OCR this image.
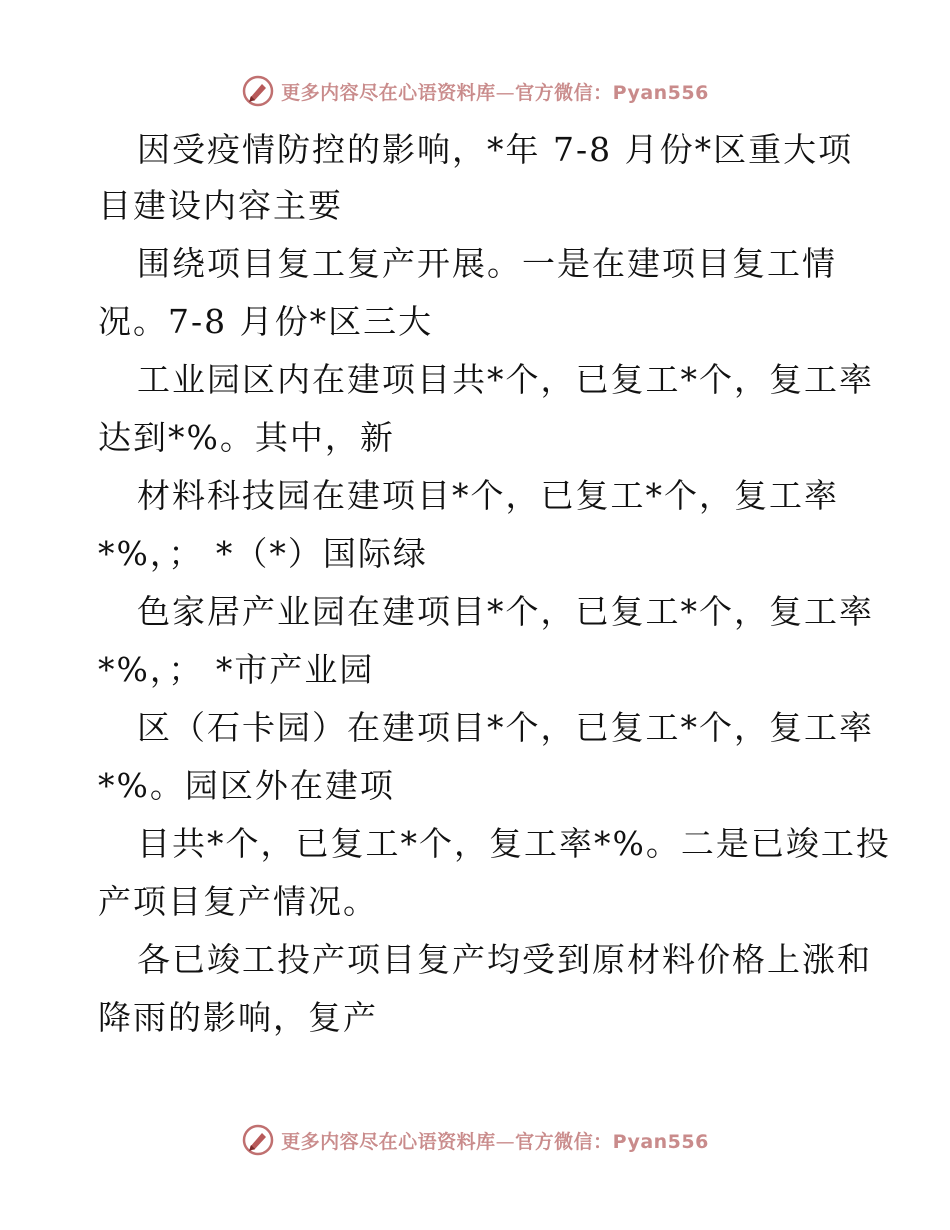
更多内容尽在心语资料库—官方微信：Pyan556
因受疫情防控的影响，*年 7-8 月份*区重大项
目建设内容主要
围绕项目复工复产开展。一是在建项目复工情
况。7-8 月份*区三大
工业园区内在建项目共*个，已复工*个，复工率
达到*%。其中，新
材料科技园在建项目*个，已复工*个，复工率
*%，； *（*）国际绿
色家居产业园在建项目*个，已复工*个，复工率
*%，； *市产业园
区（石卡园）在建项目*个，已复工*个，复工率
*%。园区外在建项
目共*个，已复工*个，复工率*%。二是已竣工投
产项目复产情况。
各已竣工投产项目复产均受到原材料价格上涨和
降雨的影响，复产
更多内容尽在心语资料库—官方微信：Pyan556
